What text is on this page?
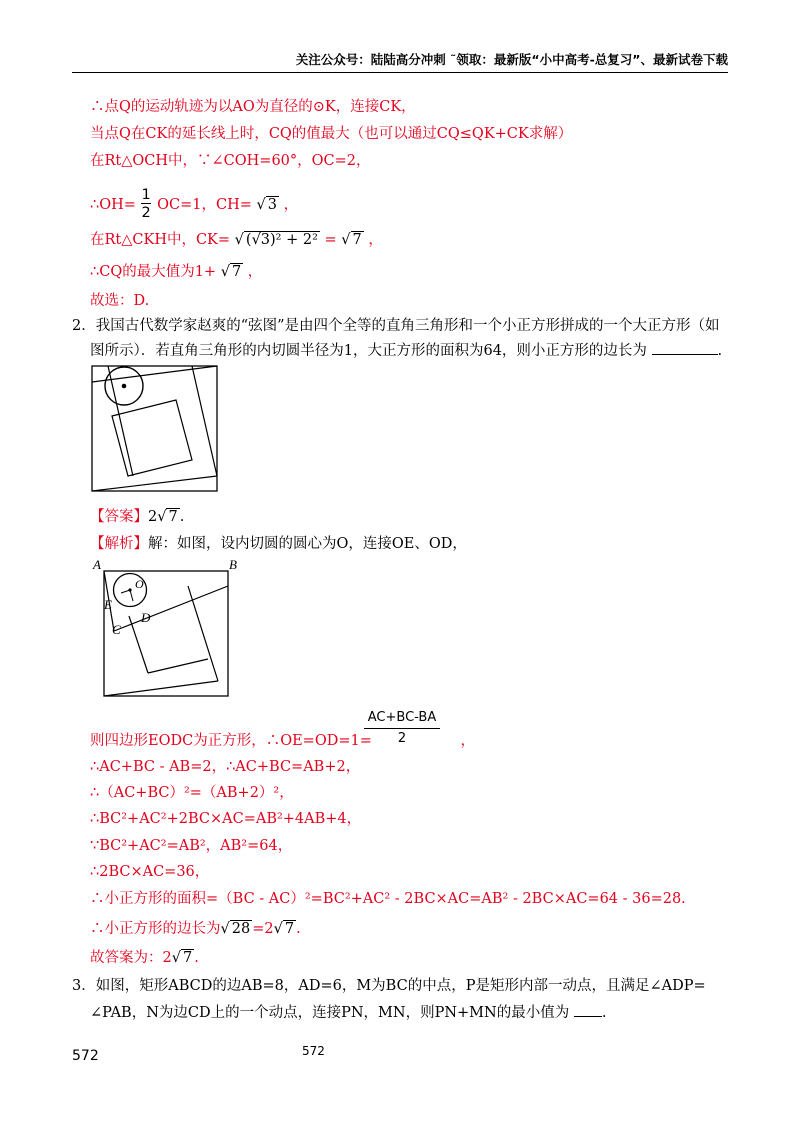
关注公众号：陆陆高分冲刺 ˜领取：最新版“小中高考-总复习”、最新试卷下载
∴点Q的运动轨迹为以AO为直径的⊙K，连接CK，
当点Q在CK的延长线上时，CQ的值最大（也可以通过CQ≤QK+CK求解）
在Rt△OCH中，∵∠COH=60°，OC=2，
∴OH=
$\frac{1}{2}$
OC=1，CH= √ 3 ，
在Rt△CKH中，CK= √ (√3)² + 2² = √ 7 ，
∴CQ的最大值为1+ √ 7 ，
故选：D.
2．我国古代数学家赵爽的“弦图”是由四个全等的直角三角形和一个小正方形拼成的一个大正方形（如
图所示）．若直角三角形的内切圆半径为1，大正方形的面积为64，则小正方形的边长为	.
【答案】2√ 7 .
【解析】解：如图，设内切圆的圆心为O，连接OE、OD，
A	B
O
E
C
D
AC+BC-BA
2
则四边形EODC为正方形，∴OE=OD=1=	，
∴AC+BC - AB=2，∴AC+BC=AB+2，
∴（AC+BC）²=（AB+2）²，
∴BC²+AC²+2BC×AC=AB²+4AB+4，
∵BC²+AC²=AB²，AB²=64，
∴2BC×AC=36，
∴小正方形的面积=（BC - AC）²=BC²+AC² - 2BC×AC=AB² - 2BC×AC=64 - 36=28.
∴小正方形的边长为√ 28 =2√ 7 .
故答案为：2√ 7 .
3．如图，矩形ABCD的边AB=8，AD=6，M为BC的中点，P是矩形内部一动点，且满足∠ADP=
∠PAB，N为边CD上的一个动点，连接PN，MN，则PN+MN的最小值为 .
572	572
